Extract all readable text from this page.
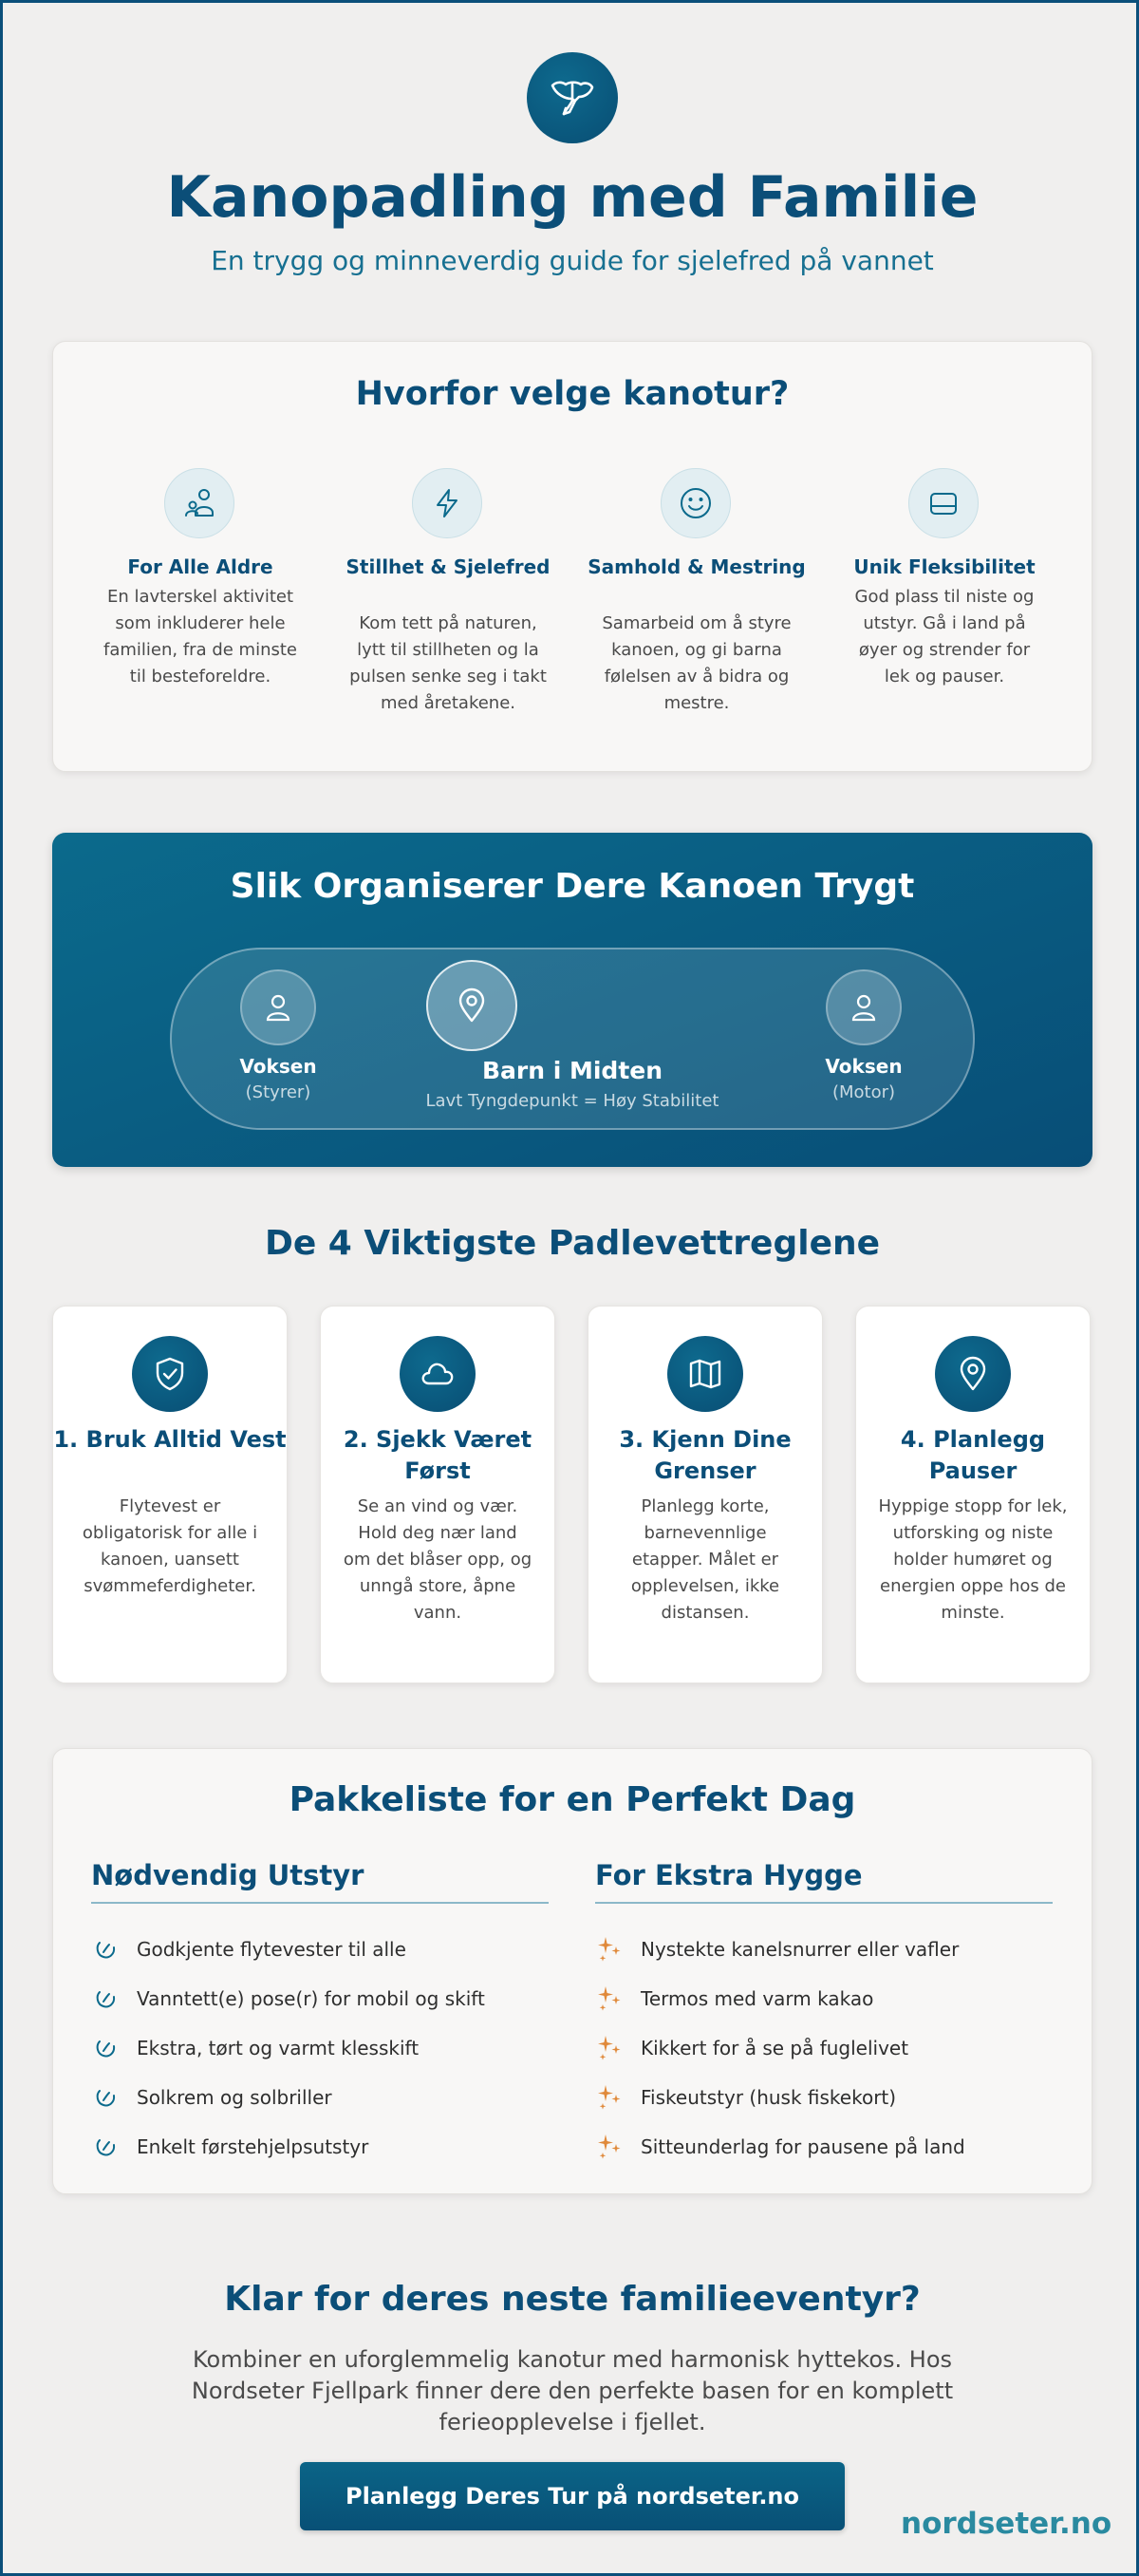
Kanopadling med Familie
En trygg og minneverdig guide for sjelefred på vannet
Hvorfor velge kanotur?
For Alle Aldre
En lavterskel aktivitet som inkluderer hele familien, fra de minste til besteforeldre.
Stillhet & Sjelefred
Kom tett på naturen, lytt til stillheten og la pulsen senke seg i takt med åretakene.
Samhold & Mestring
Samarbeid om å styre kanoen, og gi barna følelsen av å bidra og mestre.
Unik Fleksibilitet
God plass til niste og utstyr. Gå i land på øyer og strender for lek og pauser.
Slik Organiserer Dere Kanoen Trygt
Voksen
(Styrer)
Barn i Midten
Lavt Tyngdepunkt = Høy Stabilitet
Voksen
(Motor)
De 4 Viktigste Padlevettreglene
1. Bruk Alltid Vest
Flytevest er obligatorisk for alle i kanoen, uansett svømmeferdigheter.
2. Sjekk Været Først
Se an vind og vær. Hold deg nær land om det blåser opp, og unngå store, åpne vann.
3. Kjenn Dine Grenser
Planlegg korte, barnevennlige etapper. Målet er opplevelsen, ikke distansen.
4. Planlegg Pauser
Hyppige stopp for lek, utforsking og niste holder humøret og energien oppe hos de minste.
Pakkeliste for en Perfekt Dag
Nødvendig Utstyr
Godkjente flytevester til alle
Vanntett(e) pose(r) for mobil og skift
Ekstra, tørt og varmt klesskift
Solkrem og solbriller
Enkelt førstehjelpsutstyr
For Ekstra Hygge
Nystekte kanelsnurrer eller vafler
Termos med varm kakao
Kikkert for å se på fuglelivet
Fiskeutstyr (husk fiskekort)
Sitteunderlag for pausene på land
Klar for deres neste familieeventyr?
Kombiner en uforglemmelig kanotur med harmonisk hyttekos. Hos Nordseter Fjellpark finner dere den perfekte basen for en komplett ferieopplevelse i fjellet.
Planlegg Deres Tur på nordseter.no
nordseter.no
